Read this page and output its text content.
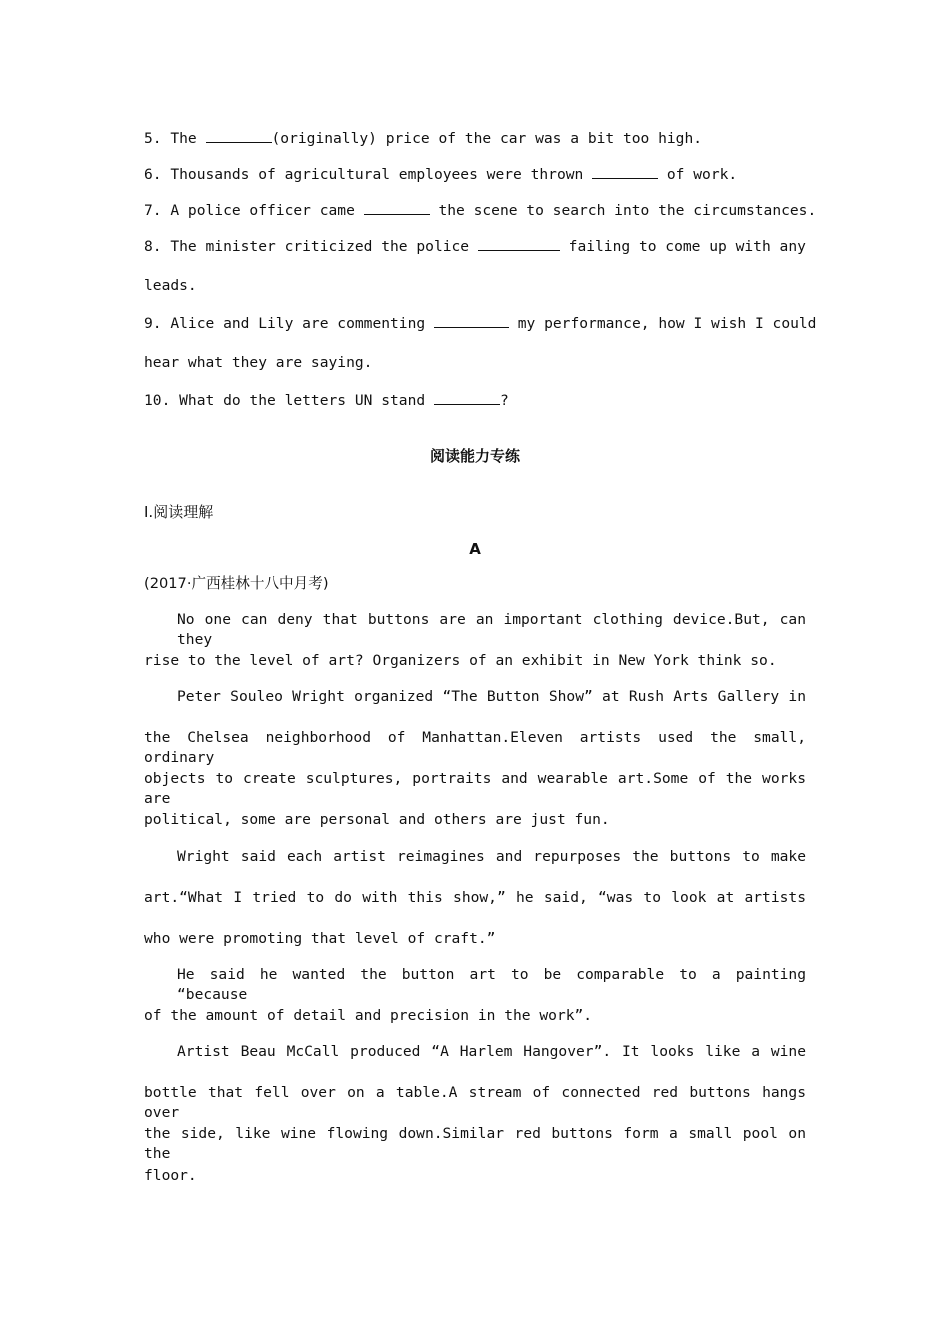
5. The	(originally) price of the car was a bit too high.
6. Thousands of agricultural employees were thrown	of work.
7. A police officer came	the scene to search into the circumstances.
8. The minister criticized the police	failing to come up with any
leads.
9. Alice and Lily are commenting	my performance, how I wish I could
hear what they are saying.
10. What do the letters UN stand	?
阅读能力专练
Ⅰ.阅读理解
A
(2017·广西桂林十八中月考)
No one can deny that buttons are an important clothing device.But, can they
rise to the level of art? Organizers of an exhibit in New York think so.
Peter Souleo Wright organized “The Button Show” at Rush Arts Gallery in
the Chelsea neighborhood of Manhattan.Eleven artists used the small, ordinary
objects to create sculptures, portraits and wearable art.Some of the works are
political, some are personal and others are just fun.
Wright said each artist reimagines and repurposes the buttons to make
art.“What I tried to do with this show,” he said, “was to look at artists
who were promoting that level of craft.”
He said he wanted the button art to be comparable to a painting “because
of the amount of detail and precision in the work”.
Artist Beau McCall produced “A Harlem Hangover”. It looks like a wine
bottle that fell over on a table.A stream of connected red buttons hangs over
the side, like wine flowing down.Similar red buttons form a small pool on the
floor.
